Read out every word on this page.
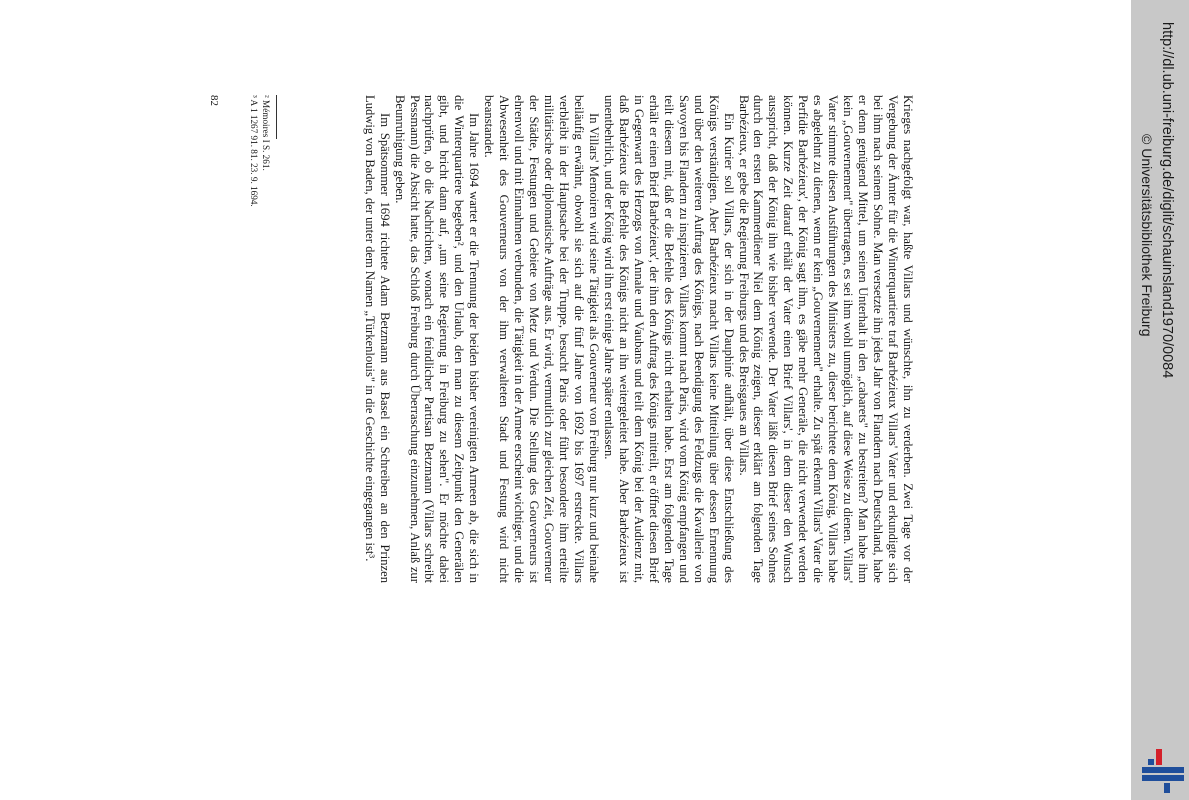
Krieges nachgefolgt war, haßte Villars und wünschte, ihn zu verderben. Zwei Tage vor der Vergebung der Ämter für die Winterquartiere traf Barbézieux Villars' Vater und erkundigte sich bei ihm nach seinem Sohne. Man versetzte ihn jedes Jahr von Flandern nach Deutschland, habe er denn genügend Mittel, um seinen Unterhalt in den „cabarets" zu bestreiten? Man habe ihm kein „Gouvernement" übertragen, es sei ihm wohl unmöglich, auf diese Weise zu dienen. Villars' Vater stimmte diesen Ausführungen des Ministers zu, dieser berichtete dem König, Villars habe es abgelehnt zu dienen, wenn er kein „Gouvernement" erhalte. Zu spät erkennt Villars' Vater die Perfidie Barbézieux', der König sagt ihm, es gäbe mehr Generäle, die nicht verwendet werden können. Kurze Zeit darauf erhält der Vater einen Brief Villars', in dem dieser den Wunsch ausspricht, daß der König ihn wie bisher verwende. Der Vater läßt diesen Brief seines Sohnes durch den ersten Kammerdiener Niel dem König zeigen, dieser erklärt am folgenden Tage Barbézieux, er gebe die Regierung Freiburgs und des Breisgaues an Villars.

Ein Kurier soll Villars, der sich in der Dauphiné aufhält, über diese Entschließung des Königs verständigen. Aber Barbézieux macht Villars keine Mitteilung über dessen Ernennung und über den weiteren Auftrag des Königs, nach Beendigung des Feldzugs die Kavallerie von Savoyen bis Flandern zu inspizieren. Villars kommt nach Paris, wird vom König empfangen und teilt diesem mit, daß er die Befehle des Königs nicht erhalten habe. Erst am folgenden Tage erhält er einen Brief Barbézieux', der ihm den Auftrag des Königs mitteilt, er öffnet diesen Brief in Gegenwart des Herzogs von Annale und Vaubans und teilt dem König bei der Audienz mit, daß Barbézieux die Befehle des Königs nicht an ihn weitergeleitet habe. Aber Barbézieux ist unentbehrlich, und der König wird ihn erst einige Jahre später entlassen.

In Villars' Memoiren wird seine Tätigkeit als Gouverneur von Freiburg nur kurz und beinahe beiläufig erwähnt, obwohl sie sich auf die fünf Jahre von 1692 bis 1697 erstreckte. Villars verbleibt in der Hauptsache bei der Truppe, besucht Paris oder führt besondere ihm erteilte militärische oder diplomatische Aufträge aus. Er wird, vermutlich zur gleichen Zeit, Gouverneur der Städte, Festungen und Gebiete von Metz und Verdun. Die Stellung des Gouverneurs ist ehrenvoll und mit Einnahmen verbunden, die Tätigkeit in der Armee erscheint wichtiger, und die Abwesenheit des Gouverneurs von der ihm verwalteten Stadt und Festung wird nicht beanstandet.

Im Jahre 1694 wartet er die Trennung der beiden bisher vereinigten Armeen ab, die sich in die Winterquartiere begeben², und den Urlaub, den man zu diesem Zeitpunkt den Generälen gibt, und bricht dann auf, „um seine Regierung in Freiburg zu sehen". Er möchte dabei nachprüfen, ob die Nachrichten, wonach ein feindlicher Partisan Betzmann (Villars schreibt Pessmann) die Absicht hatte, das Schloß Freiburg durch Überraschung einzunehmen, Anlaß zur Beunruhigung geben.

Im Spätsommer 1694 richtete Adam Betzmann aus Basel ein Schreiben an den Prinzen Ludwig von Baden, der unter dem Namen „Türkenlouis" in die Geschichte eingegangen ist³.

² Mémoires I S. 261.
³ A 1 1267 91. 81. 23. 9. 1694.
82	http://dl.ub.uni-freiburg.de/diglit/schauinsland1970/0084
© Universitätsbibliothek Freiburg
